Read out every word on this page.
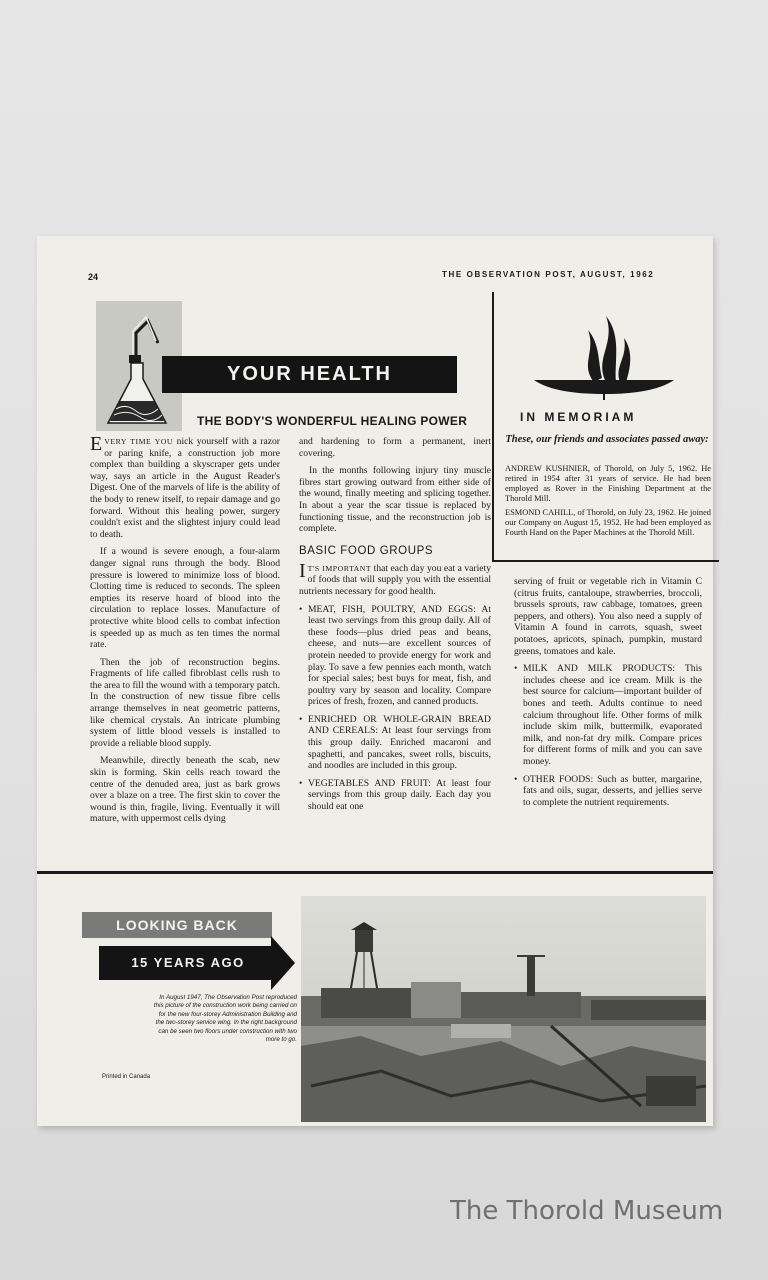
24	THE OBSERVATION POST, AUGUST, 1962
YOUR HEALTH
THE BODY'S WONDERFUL HEALING POWER

EVERY TIME YOU nick yourself with a razor or paring knife, a construction job more complex than building a skyscraper gets under way, says an article in the August Reader's Digest. One of the marvels of life is the ability of the body to renew itself, to repair damage and go forward. Without this healing power, surgery couldn't exist and the slightest injury could lead to death.

If a wound is severe enough, a four-alarm danger signal runs through the body. Blood pressure is lowered to minimize loss of blood. Clotting time is reduced to seconds. The spleen empties its reserve hoard of blood into the circulation to replace losses. Manufacture of protective white blood cells to combat infection is speeded up as much as ten times the normal rate.

Then the job of reconstruction begins. Fragments of life called fibroblast cells rush to the area to fill the wound with a temporary patch. In the construction of new tissue fibre cells arrange themselves in neat geometric patterns, like chemical crystals. An intricate plumbing system of little blood vessels is installed to provide a reliable blood supply.

Meanwhile, directly beneath the scab, new skin is forming. Skin cells reach toward the centre of the denuded area, just as bark grows over a blaze on a tree. The first skin to cover the wound is thin, fragile, living. Eventually it will mature, with uppermost cells dying

and hardening to form a permanent, inert covering.

In the months following injury tiny muscle fibres start growing outward from either side of the wound, finally meeting and splicing together. In about a year the scar tissue is replaced by functioning tissue, and the reconstruction job is complete.

BASIC FOOD GROUPS

I T'S IMPORTANT that each day you eat a variety of foods that will supply you with the essential nutrients necessary for good health.

• MEAT, FISH, POULTRY, AND EGGS: At least two servings from this group daily. All of these foods—plus dried peas and beans, cheese, and nuts—are excellent sources of protein needed to provide energy for work and play. To save a few pennies each month, watch for special sales; best buys for meat, fish, and poultry vary by season and locality. Compare prices of fresh, frozen, and canned products.
• ENRICHED OR WHOLE-GRAIN BREAD AND CEREALS: At least four servings from this group daily. Enriched macaroni and spaghetti, and pancakes, sweet rolls, biscuits, and noodles are included in this group.
• VEGETABLES AND FRUIT: At least four servings from this group daily. Each day you should eat one

serving of fruit or vegetable rich in Vitamin C (citrus fruits, cantaloupe, strawberries, broccoli, brussels sprouts, raw cabbage, tomatoes, green peppers, and others). You also need a supply of Vitamin A found in carrots, squash, sweet potatoes, apricots, spinach, pumpkin, mustard greens, tomatoes and kale.

• MILK AND MILK PRODUCTS: This includes cheese and ice cream. Milk is the best source for calcium—important builder of bones and teeth. Adults continue to need calcium throughout life. Other forms of milk include skim milk, buttermilk, evaporated milk, and non-fat dry milk. Compare prices for different forms of milk and you can save money.
• OTHER FOODS: Such as butter, margarine, fats and oils, sugar, desserts, and jellies serve to complete the nutrient requirements.
IN MEMORIAM
These, our friends and associates passed away:
ANDREW KUSHNIER, of Thorold, on July 5, 1962. He retired in 1954 after 31 years of service. He had been employed as Rover in the Finishing Department at the Thorold Mill.
ESMOND CAHILL, of Thorold, on July 23, 1962. He joined our Company on August 15, 1952. He had been employed as Fourth Hand on the Paper Machines at the Thorold Mill.
LOOKING BACK
15 YEARS AGO
In August 1947, The Observation Post reproduced this picture of the construction work being carried on for the new four-storey Administration Building and the two-storey service wing. In the right background can be seen two floors under construction with two more to go.
Printed in Canada
The Thorold Museum
